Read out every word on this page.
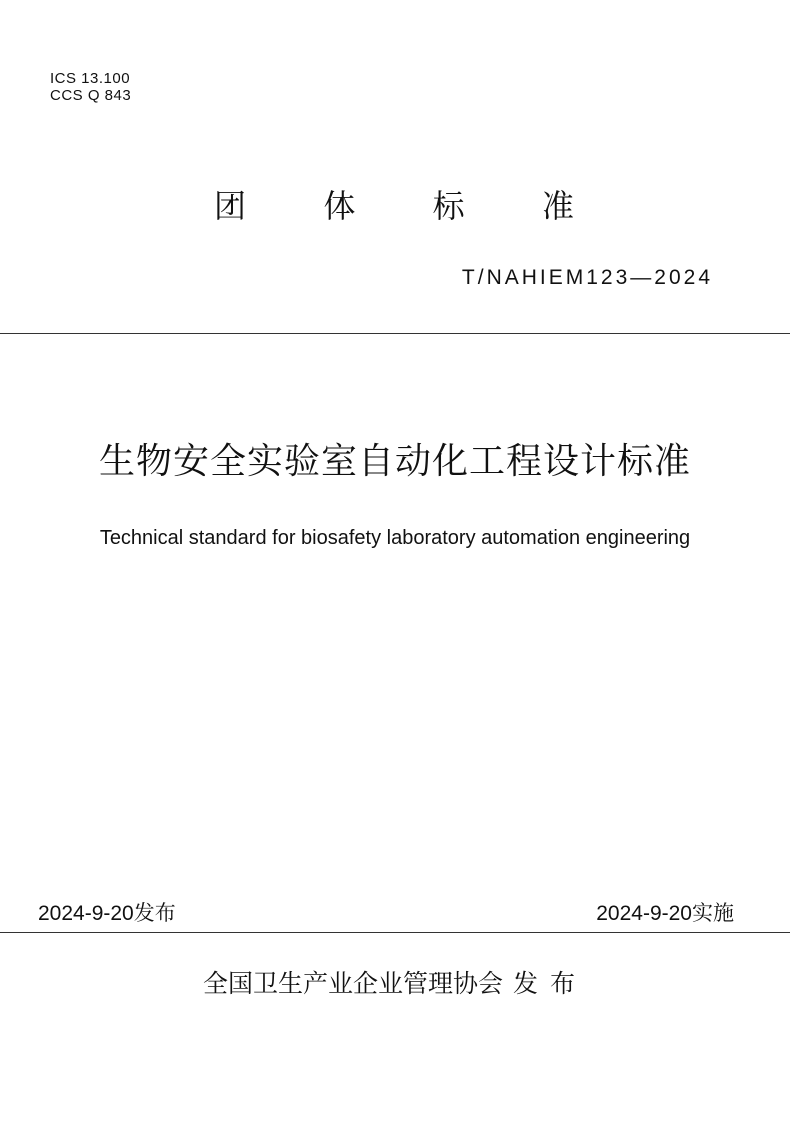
ICS 13.100
CCS Q 843
团 体 标 准
T/NAHIEM123—2024
生物安全实验室自动化工程设计标准
Technical standard for biosafety laboratory automation engineering
2024-9-20发布	2024-9-20实施
全国卫生产业企业管理协会 发布
